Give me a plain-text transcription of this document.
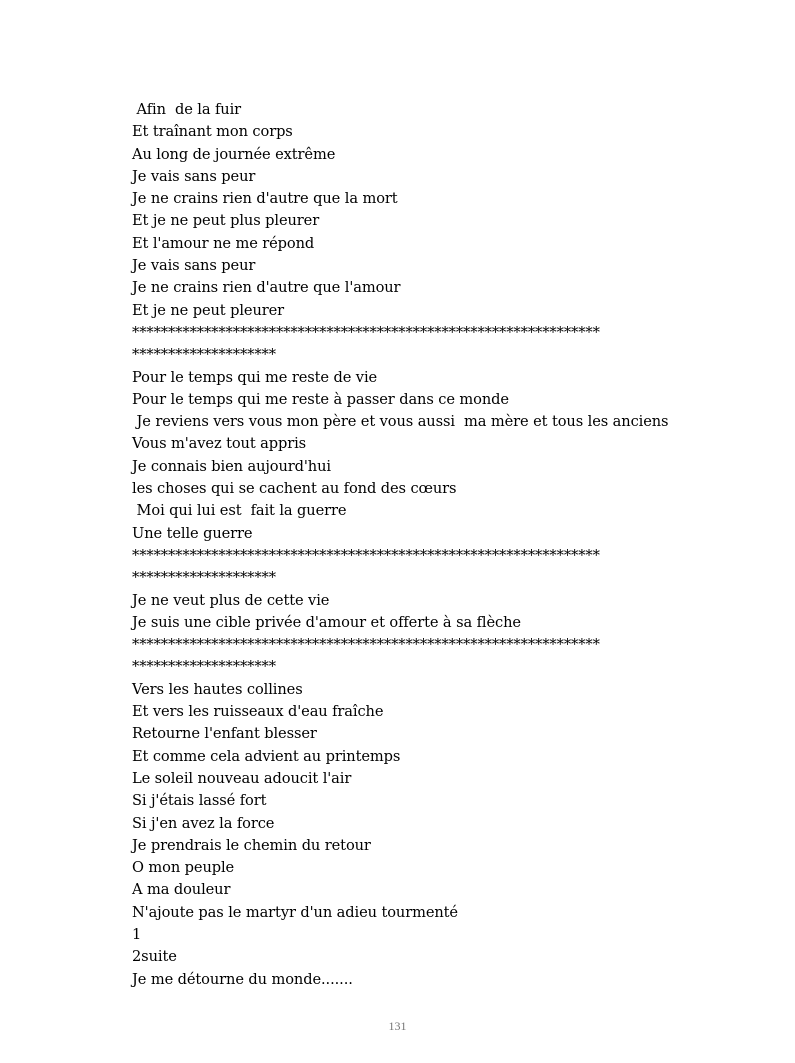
Afin  de la fuir
Et traînant mon corps
Au long de journée extrême
Je vais sans peur
Je ne crains rien d'autre que la mort
Et je ne peut plus pleurer
Et l'amour ne me répond
Je vais sans peur
Je ne crains rien d'autre que l'amour
Et je ne peut pleurer
*****************************************************************
********************
Pour le temps qui me reste de vie
Pour le temps qui me reste à passer dans ce monde
Je reviens vers vous mon père et vous aussi  ma mère et tous les anciens
Vous m'avez tout appris
Je connais bien aujourd'hui
les choses qui se cachent au fond des cœurs
Moi qui lui est  fait la guerre
Une telle guerre
*****************************************************************
********************
Je ne veut plus de cette vie
Je suis une cible privée d'amour et offerte à sa flèche
*****************************************************************
********************
Vers les hautes collines
Et vers les ruisseaux d'eau fraîche
Retourne l'enfant blesser
Et comme cela advient au printemps
Le soleil nouveau adoucit l'air
Si j'étais lassé fort
Si j'en avez la force
Je prendrais le chemin du retour
O mon peuple
A ma douleur
N'ajoute pas le martyr d'un adieu tourmenté
1
2suite
Je me détourne du monde.......
131
